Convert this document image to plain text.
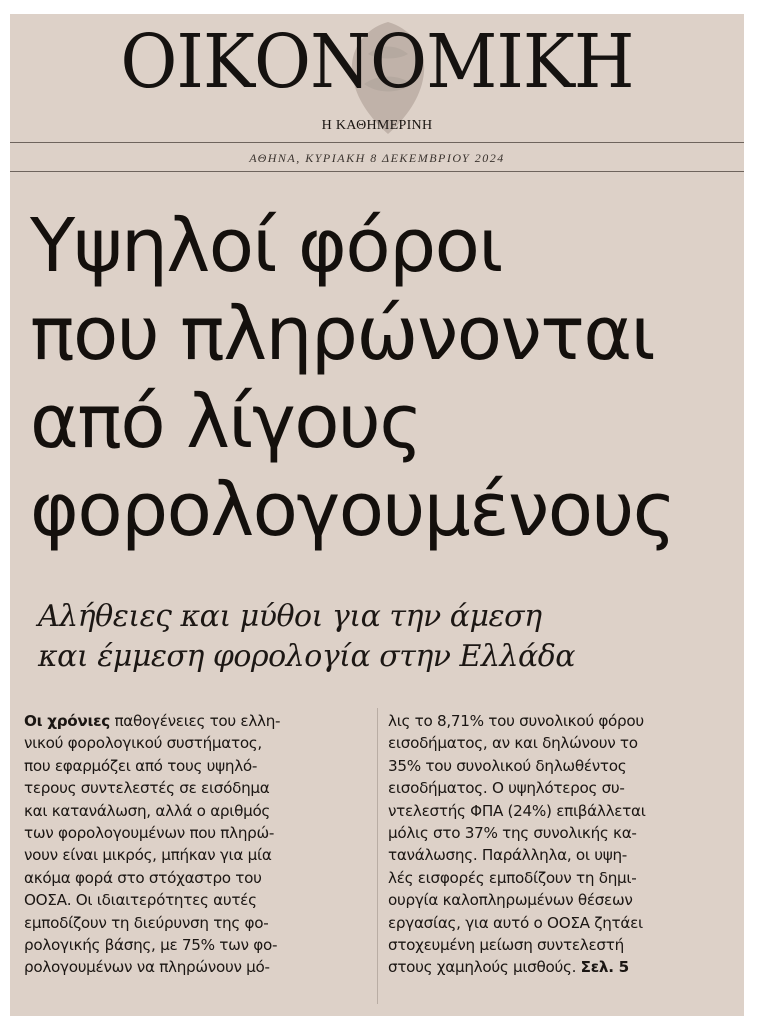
ΟΙΚΟΝΟΜΙΚΗ
Η ΚΑΘΗΜΕΡΙΝΗ
ΑΘΗΝΑ, ΚΥΡΙΑΚΗ 8 ΔΕΚΕΜΒΡΙΟΥ 2024
Υψηλοί φόροι
που πληρώνονται
από λίγους
φορολογουμένους
Αλήθειες και μύθοι για την άμεση
και έμμεση φορολογία στην Ελλάδα
Οι χρόνιες παθογένειες του ελλη-
νικού φορολογικού συστήματος,
που εφαρμόζει από τους υψηλό-
τερους συντελεστές σε εισόδημα
και κατανάλωση, αλλά ο αριθμός
των φορολογουμένων που πληρώ-
νουν είναι μικρός, μπήκαν για μία
ακόμα φορά στο στόχαστρο του
ΟΟΣΑ. Οι ιδιαιτερότητες αυτές
εμποδίζουν τη διεύρυνση της φο-
ρολογικής βάσης, με 75% των φο-
ρολογουμένων να πληρώνουν μό-
λις το 8,71% του συνολικού φόρου
εισοδήματος, αν και δηλώνουν το
35% του συνολικού δηλωθέντος
εισοδήματος. Ο υψηλότερος συ-
ντελεστής ΦΠΑ (24%) επιβάλλεται
μόλις στο 37% της συνολικής κα-
τανάλωσης. Παράλληλα, οι υψη-
λές εισφορές εμποδίζουν τη δημι-
ουργία καλοπληρωμένων θέσεων
εργασίας, για αυτό ο ΟΟΣΑ ζητάει
στοχευμένη μείωση συντελεστή
στους χαμηλούς μισθούς. Σελ. 5
